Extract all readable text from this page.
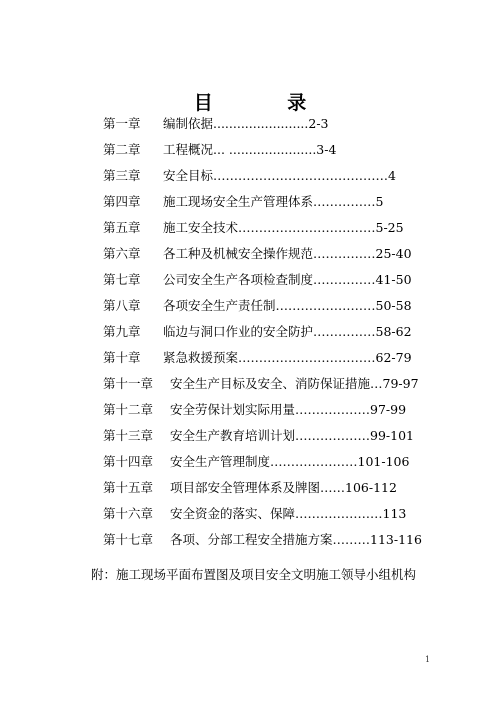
目 录
第一章 编制依据........................2-3
第二章 工程概况... ......................3-4
第三章 安全目标……………………………………4
第四章 施工现场安全生产管理体系……………5
第五章 施工安全技术……………………………5-25
第六章 各工种及机械安全操作规范……………25-40
第七章 公司安全生产各项检查制度……………41-50
第八章 各项安全生产责任制……………………50-58
第九章 临边与洞口作业的安全防护……………58-62
第十章 紧急救援预案……………………………62-79
第十一章 安全生产目标及安全、消防保证措施…79-97
第十二章 安全劳保计划实际用量………………97-99
第十三章 安全生产教育培训计划………………99-101
第十四章 安全生产管理制度…………………101-106
第十五章 项目部安全管理体系及牌图……106-112
第十六章 安全资金的落实、保障…………………113
第十七章 各项、分部工程安全措施方案………113-116
附：施工现场平面布置图及项目安全文明施工领导小组机构
1
